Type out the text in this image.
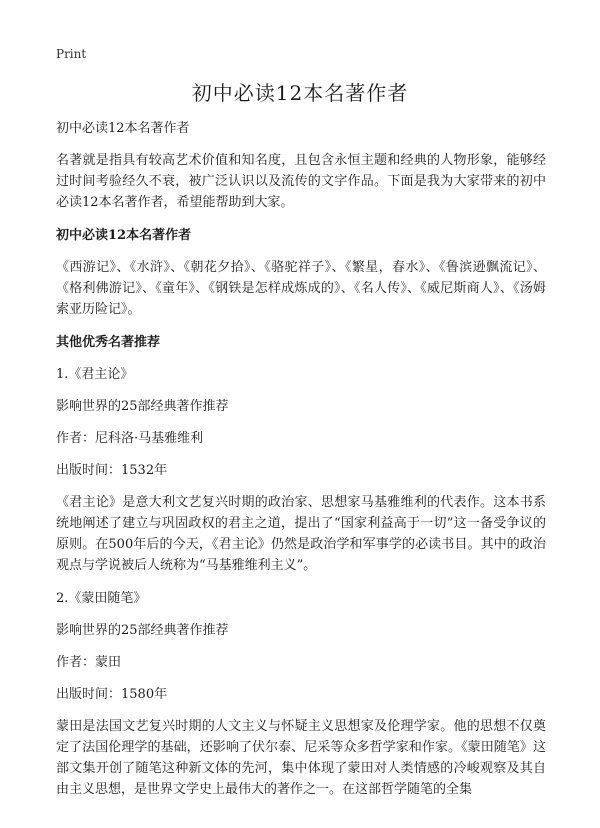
Print
初中必读12本名著作者

初中必读12本名著作者

名著就是指具有较高艺术价值和知名度，且包含永恒主题和经典的人物形象，能够经过时间考验经久不衰，被广泛认识以及流传的文字作品。下面是我为大家带来的初中必读12本名著作者，希望能帮助到大家。

初中必读12本名著作者

《西游记》、《水浒》、《朝花夕拾》、《骆驼祥子》、《繁星，春水》、《鲁滨逊飘流记》、《格利佛游记》、《童年》、《钢铁是怎样成炼成的》、《名人传》、《威尼斯商人》、《汤姆索亚历险记》。

其他优秀名著推荐

1.《君主论》

影响世界的25部经典著作推荐

作者：尼科洛·马基雅维利

出版时间：1532年

《君主论》是意大利文艺复兴时期的政治家、思想家马基雅维利的代表作。这本书系统地阐述了建立与巩固政权的君主之道，提出了“国家利益高于一切”这一备受争议的原则。在500年后的今天，《君主论》仍然是政治学和军事学的必读书目。其中的政治观点与学说被后人统称为“马基雅维利主义”。

2.《蒙田随笔》

影响世界的25部经典著作推荐

作者：蒙田

出版时间：1580年

蒙田是法国文艺复兴时期的人文主义与怀疑主义思想家及伦理学家。他的思想不仅奠定了法国伦理学的基础，还影响了伏尔泰、尼采等众多哲学家和作家。《蒙田随笔》这部文集开创了随笔这种新文体的先河，集中体现了蒙田对人类情感的冷峻观察及其自由主义思想，是世界文学史上最伟大的著作之一。在这部哲学随笔的全集
